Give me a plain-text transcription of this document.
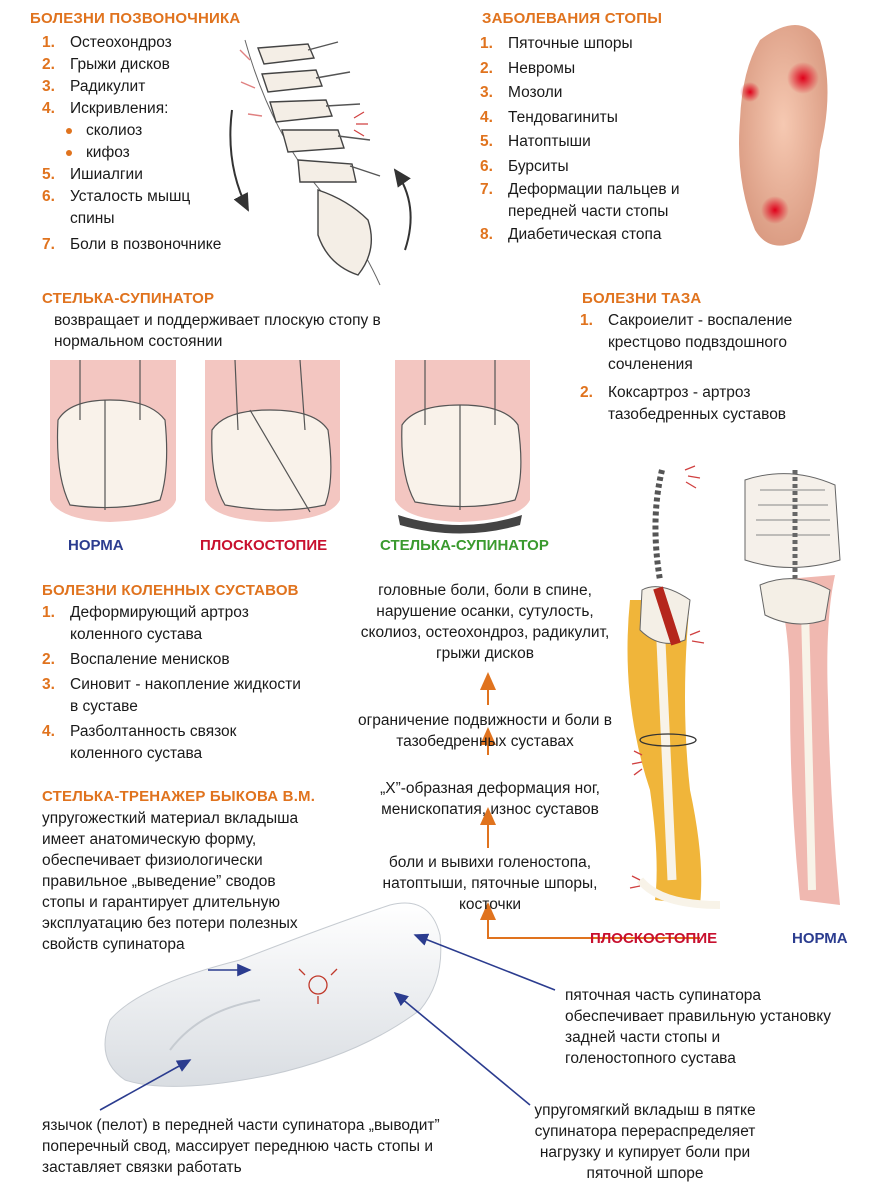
БОЛЕЗНИ ПОЗВОНОЧНИКА
1. Остеохондроз
2. Грыжи дисков
3. Радикулит
4. Искривления:
сколиоз
кифоз
5. Ишиалгии
6. Усталость мышц спины
7. Боли в позвоночнике
ЗАБОЛЕВАНИЯ СТОПЫ
1. Пяточные шпоры
2. Невромы
3. Мозоли
4. Тендовагиниты
5. Натоптыши
6. Бурситы
7. Деформации пальцев и передней части стопы
8. Диабетическая стопа
СТЕЛЬКА-СУПИНАТОР
возвращает и поддерживает плоскую стопу в нормальном состоянии
НОРМА	ПЛОСКОСТОПИЕ	СТЕЛЬКА-СУПИНАТОР
БОЛЕЗНИ ТАЗА
1. Сакроиелит - воспаление крестцово подвздошного сочленения
2. Коксартроз - артроз тазобедренных суставов
БОЛЕЗНИ КОЛЕННЫХ СУСТАВОВ
1. Деформирующий артроз коленного сустава
2. Воспаление менисков
3. Синовит - накопление жидкости в суставе
4. Разболтанность связок коленного сустава
головные боли, боли в спине, нарушение осанки, сутулость, сколиоз, остеохондроз, радикулит, грыжи дисков
ограничение подвижности и боли в тазобедренных суставах
„Х”-образная деформация ног, менископатия, износ суставов
боли и вывихи голеностопа, натоптыши, пяточные шпоры, косточки
ПЛОСКОСТОПИЕ	НОРМА
СТЕЛЬКА-ТРЕНАЖЕР БЫКОВА В.М.
упругожесткий материал вкладыша имеет анатомическую форму, обеспечивает физиологически правильное „выведение” сводов стопы и гарантирует длительную эксплуатацию без потери полезных свойств супинатора
пяточная часть супинатора обеспечивает правильную установку задней части стопы и голеностопного сустава
упругомягкий вкладыш в пятке супинатора перераспределяет нагрузку и купирует боли при пяточной шпоре
язычок (пелот) в передней части супинатора „выводит” поперечный свод, массирует переднюю часть стопы и заставляет связки работать
